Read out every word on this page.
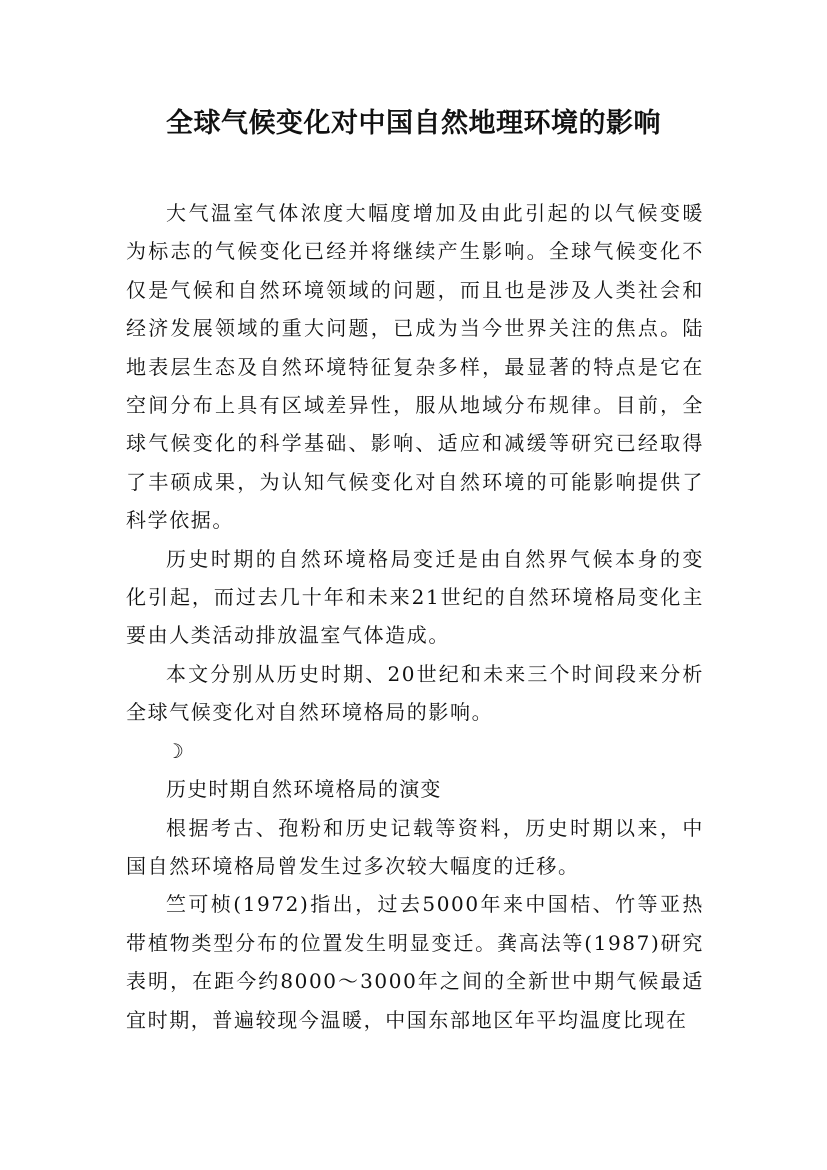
全球气候变化对中国自然地理环境的影响

大气温室气体浓度大幅度增加及由此引起的以气候变暖为标志的气候变化已经并将继续产生影响。全球气候变化不仅是气候和自然环境领域的问题，而且也是涉及人类社会和经济发展领域的重大问题，已成为当今世界关注的焦点。陆地表层生态及自然环境特征复杂多样，最显著的特点是它在空间分布上具有区域差异性，服从地域分布规律。目前，全球气候变化的科学基础、影响、适应和减缓等研究已经取得了丰硕成果，为认知气候变化对自然环境的可能影响提供了科学依据。

历史时期的自然环境格局变迁是由自然界气候本身的变化引起，而过去几十年和未来21世纪的自然环境格局变化主要由人类活动排放温室气体造成。

本文分别从历史时期、20世纪和未来三个时间段来分析全球气候变化对自然环境格局的影响。

☽

历史时期自然环境格局的演变

根据考古、孢粉和历史记载等资料，历史时期以来，中国自然环境格局曾发生过多次较大幅度的迁移。

竺可桢(1972)指出，过去5000年来中国桔、竹等亚热带植物类型分布的位置发生明显变迁。龚高法等(1987)研究表明，在距今约8000～3000年之间的全新世中期气候最适宜时期，普遍较现今温暖，中国东部地区年平均温度比现在
